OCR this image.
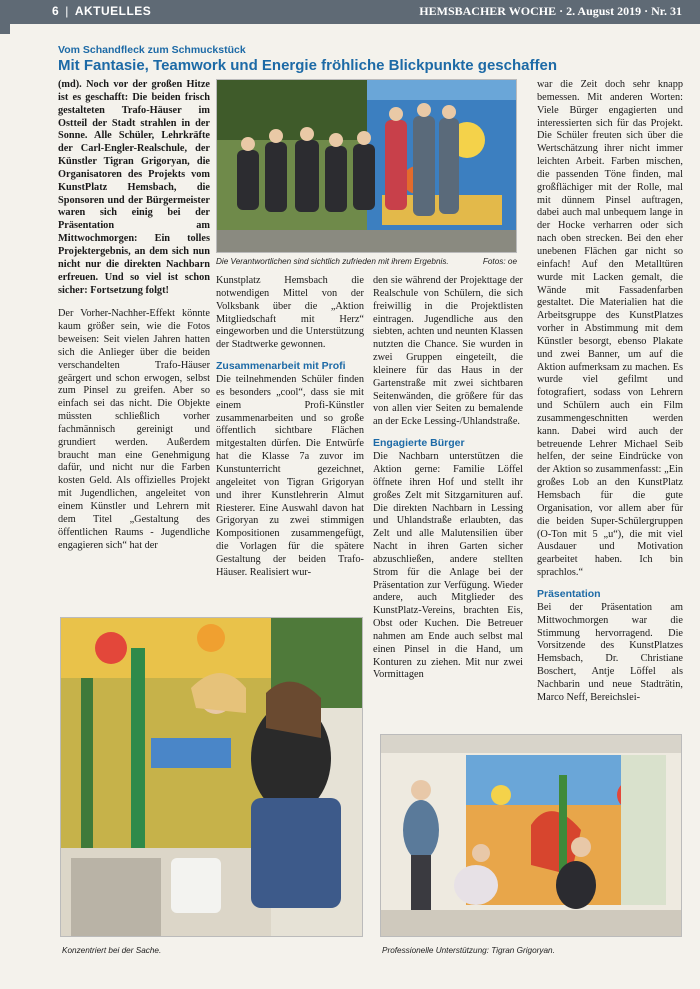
6 | AKTUELLES	HEMSBACHER WOCHE · 2. August 2019 · Nr. 31
Vom Schandfleck zum Schmuckstück
Mit Fantasie, Teamwork und Energie fröhliche Blickpunkte geschaffen

(md). Noch vor der großen Hitze ist es geschafft: Die beiden frisch gestalteten Trafo-Häuser im Ostteil der Stadt strahlen in der Sonne. Alle Schüler, Lehrkräfte der Carl-Engler-Realschule, der Künstler Tigran Grigoryan, die Organisatoren des Projekts vom KunstPlatz Hemsbach, die Sponsoren und der Bürgermeister waren sich einig bei der Präsentation am Mittwochmorgen: Ein tolles Projektergebnis, an dem sich nun nicht nur die direkten Nachbarn erfreuen. Und so viel ist schon sicher: Fortsetzung folgt!

Der Vorher-Nachher-Effekt könnte kaum größer sein, wie die Fotos beweisen: Seit vielen Jahren hatten sich die Anlieger über die beiden verschandelten Trafo-Häuser geärgert und schon erwogen, selbst zum Pinsel zu greifen. Aber so einfach sei das nicht. Die Objekte müssten schließlich vorher fachmännisch gereinigt und grundiert werden. Außerdem braucht man eine Genehmigung dafür, und nicht nur die Farben kosten Geld. Als offizielles Projekt mit Jugendlichen, angeleitet von einem Künstler und Lehrern mit dem Titel „Gestaltung des öffentlichen Raums - Jugendliche engagieren sich“ hat der

Die Verantwortlichen sind sichtlich zufrieden mit ihrem Ergebnis.	Fotos: oe

Kunstplatz Hemsbach die notwendigen Mittel von der Volksbank über die „Aktion Mitgliedschaft mit Herz“ eingeworben und die Unterstützung der Stadtwerke gewonnen.

Zusammenarbeit mit Profi

Die teilnehmenden Schüler finden es besonders „cool“, dass sie mit einem Profi-Künstler zusammenarbeiten und so große öffentlich sichtbare Flächen mitgestalten dürfen. Die Entwürfe hat die Klasse 7a zuvor im Kunstunterricht gezeichnet, angeleitet von Tigran Grigoryan und ihrer Kunstlehrerin Almut Riesterer. Eine Auswahl davon hat Grigoryan zu zwei stimmigen Kompositionen zusammengefügt, die Vorlagen für die spätere Gestaltung der beiden Trafo-Häuser. Realisiert wur-

den sie während der Projekttage der Realschule von Schülern, die sich freiwillig in die Projektlisten eintragen. Jugendliche aus den siebten, achten und neunten Klassen nutzten die Chance. Sie wurden in zwei Gruppen eingeteilt, die kleinere für das Haus in der Gartenstraße mit zwei sichtbaren Seitenwänden, die größere für das von allen vier Seiten zu bemalende an der Ecke Lessing-/Uhlandstraße.

Engagierte Bürger

Die Nachbarn unterstützen die Aktion gerne: Familie Löffel öffnete ihren Hof und stellt ihr großes Zelt mit Sitzgarnituren auf. Die direkten Nachbarn in Lessing und Uhlandstraße erlaubten, das Zelt und alle Malutensilien über Nacht in ihren Garten sicher abzuschließen, andere stellten Strom für die Anlage bei der Präsentation zur Verfügung. Wieder andere, auch Mitglieder des KunstPlatz-Vereins, brachten Eis, Obst oder Kuchen. Die Betreuer nahmen am Ende auch selbst mal einen Pinsel in die Hand, um Konturen zu ziehen. Mit nur zwei Vormittagen

war die Zeit doch sehr knapp bemessen. Mit anderen Worten: Viele Bürger engagierten und interessierten sich für das Projekt. Die Schüler freuten sich über die Wertschätzung ihrer nicht immer leichten Arbeit. Farben mischen, die passenden Töne finden, mal großflächiger mit der Rolle, mal mit dünnem Pinsel auftragen, dabei auch mal unbequem lange in der Hocke verharren oder sich nach oben strecken. Bei den eher unebenen Flächen gar nicht so einfach! Auf den Metalltüren wurde mit Lacken gemalt, die Wände mit Fassadenfarben gestaltet. Die Materialien hat die Arbeitsgruppe des KunstPlatzes vorher in Abstimmung mit dem Künstler besorgt, ebenso Plakate und zwei Banner, um auf die Aktion aufmerksam zu machen. Es wurde viel gefilmt und fotografiert, sodass von Lehrern und Schülern auch ein Film zusammengeschnitten werden kann. Dabei wird auch der betreuende Lehrer Michael Seib helfen, der seine Eindrücke von der Aktion so zusammenfasst: „Ein großes Lob an den KunstPlatz Hemsbach für die gute Organisation, vor allem aber für die beiden Super-Schülergruppen (O-Ton mit 5 „u“), die mit viel Ausdauer und Motivation gearbeitet haben. Ich bin sprachlos.“

Präsentation

Bei der Präsentation am Mittwochmorgen war die Stimmung hervorragend. Die Vorsitzende des KunstPlatzes Hemsbach, Dr. Christiane Boschert, Antje Löffel als Nachbarin und neue Stadträtin, Marco Neff, Bereichslei-

Konzentriert bei der Sache.	Professionelle Unterstützung: Tigran Grigoryan.
